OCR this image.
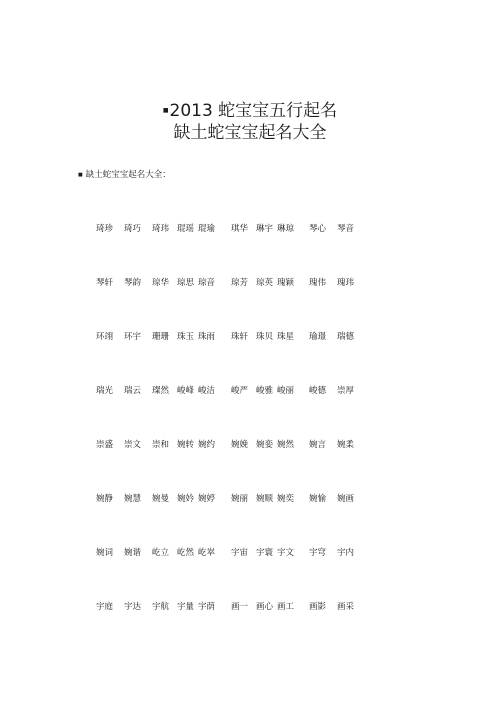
■2013 蛇宝宝五行起名
缺土蛇宝宝起名大全
■ 缺土蛇宝宝起名大全：
琦珍 琦巧 琦玮 琨瑶 琨瑜 琪华 琳宇 琳琼 琴心 琴音
琴轩 琴韵 琼华 琼思 琼音 琼芳 琼英 瑰颖 瑰伟 瑰玮
环翊 环宇 珊珊 珠玉 珠雨 珠轩 珠贝 珠星 瑜璟 瑞德
瑞光 瑞云 璨然 峻峰 峻洁 峻严 峻雅 峻丽 峻德 崇厚
崇盛 崇文 崇和 婉转 婉约 婉娩 婉娈 婉然 婉言 婉柔
婉静 婉慧 婉曼 婉妗 婉婷 婉丽 婉顺 婉奕 婉愉 婉画
婉词 婉谐 屹立 屹然 屹崒 宇宙 宇寰 宇文 宇穹 宇内
宇庭 宇达 宇航 宇量 宇荫 画一 画心 画工 画影 画采
